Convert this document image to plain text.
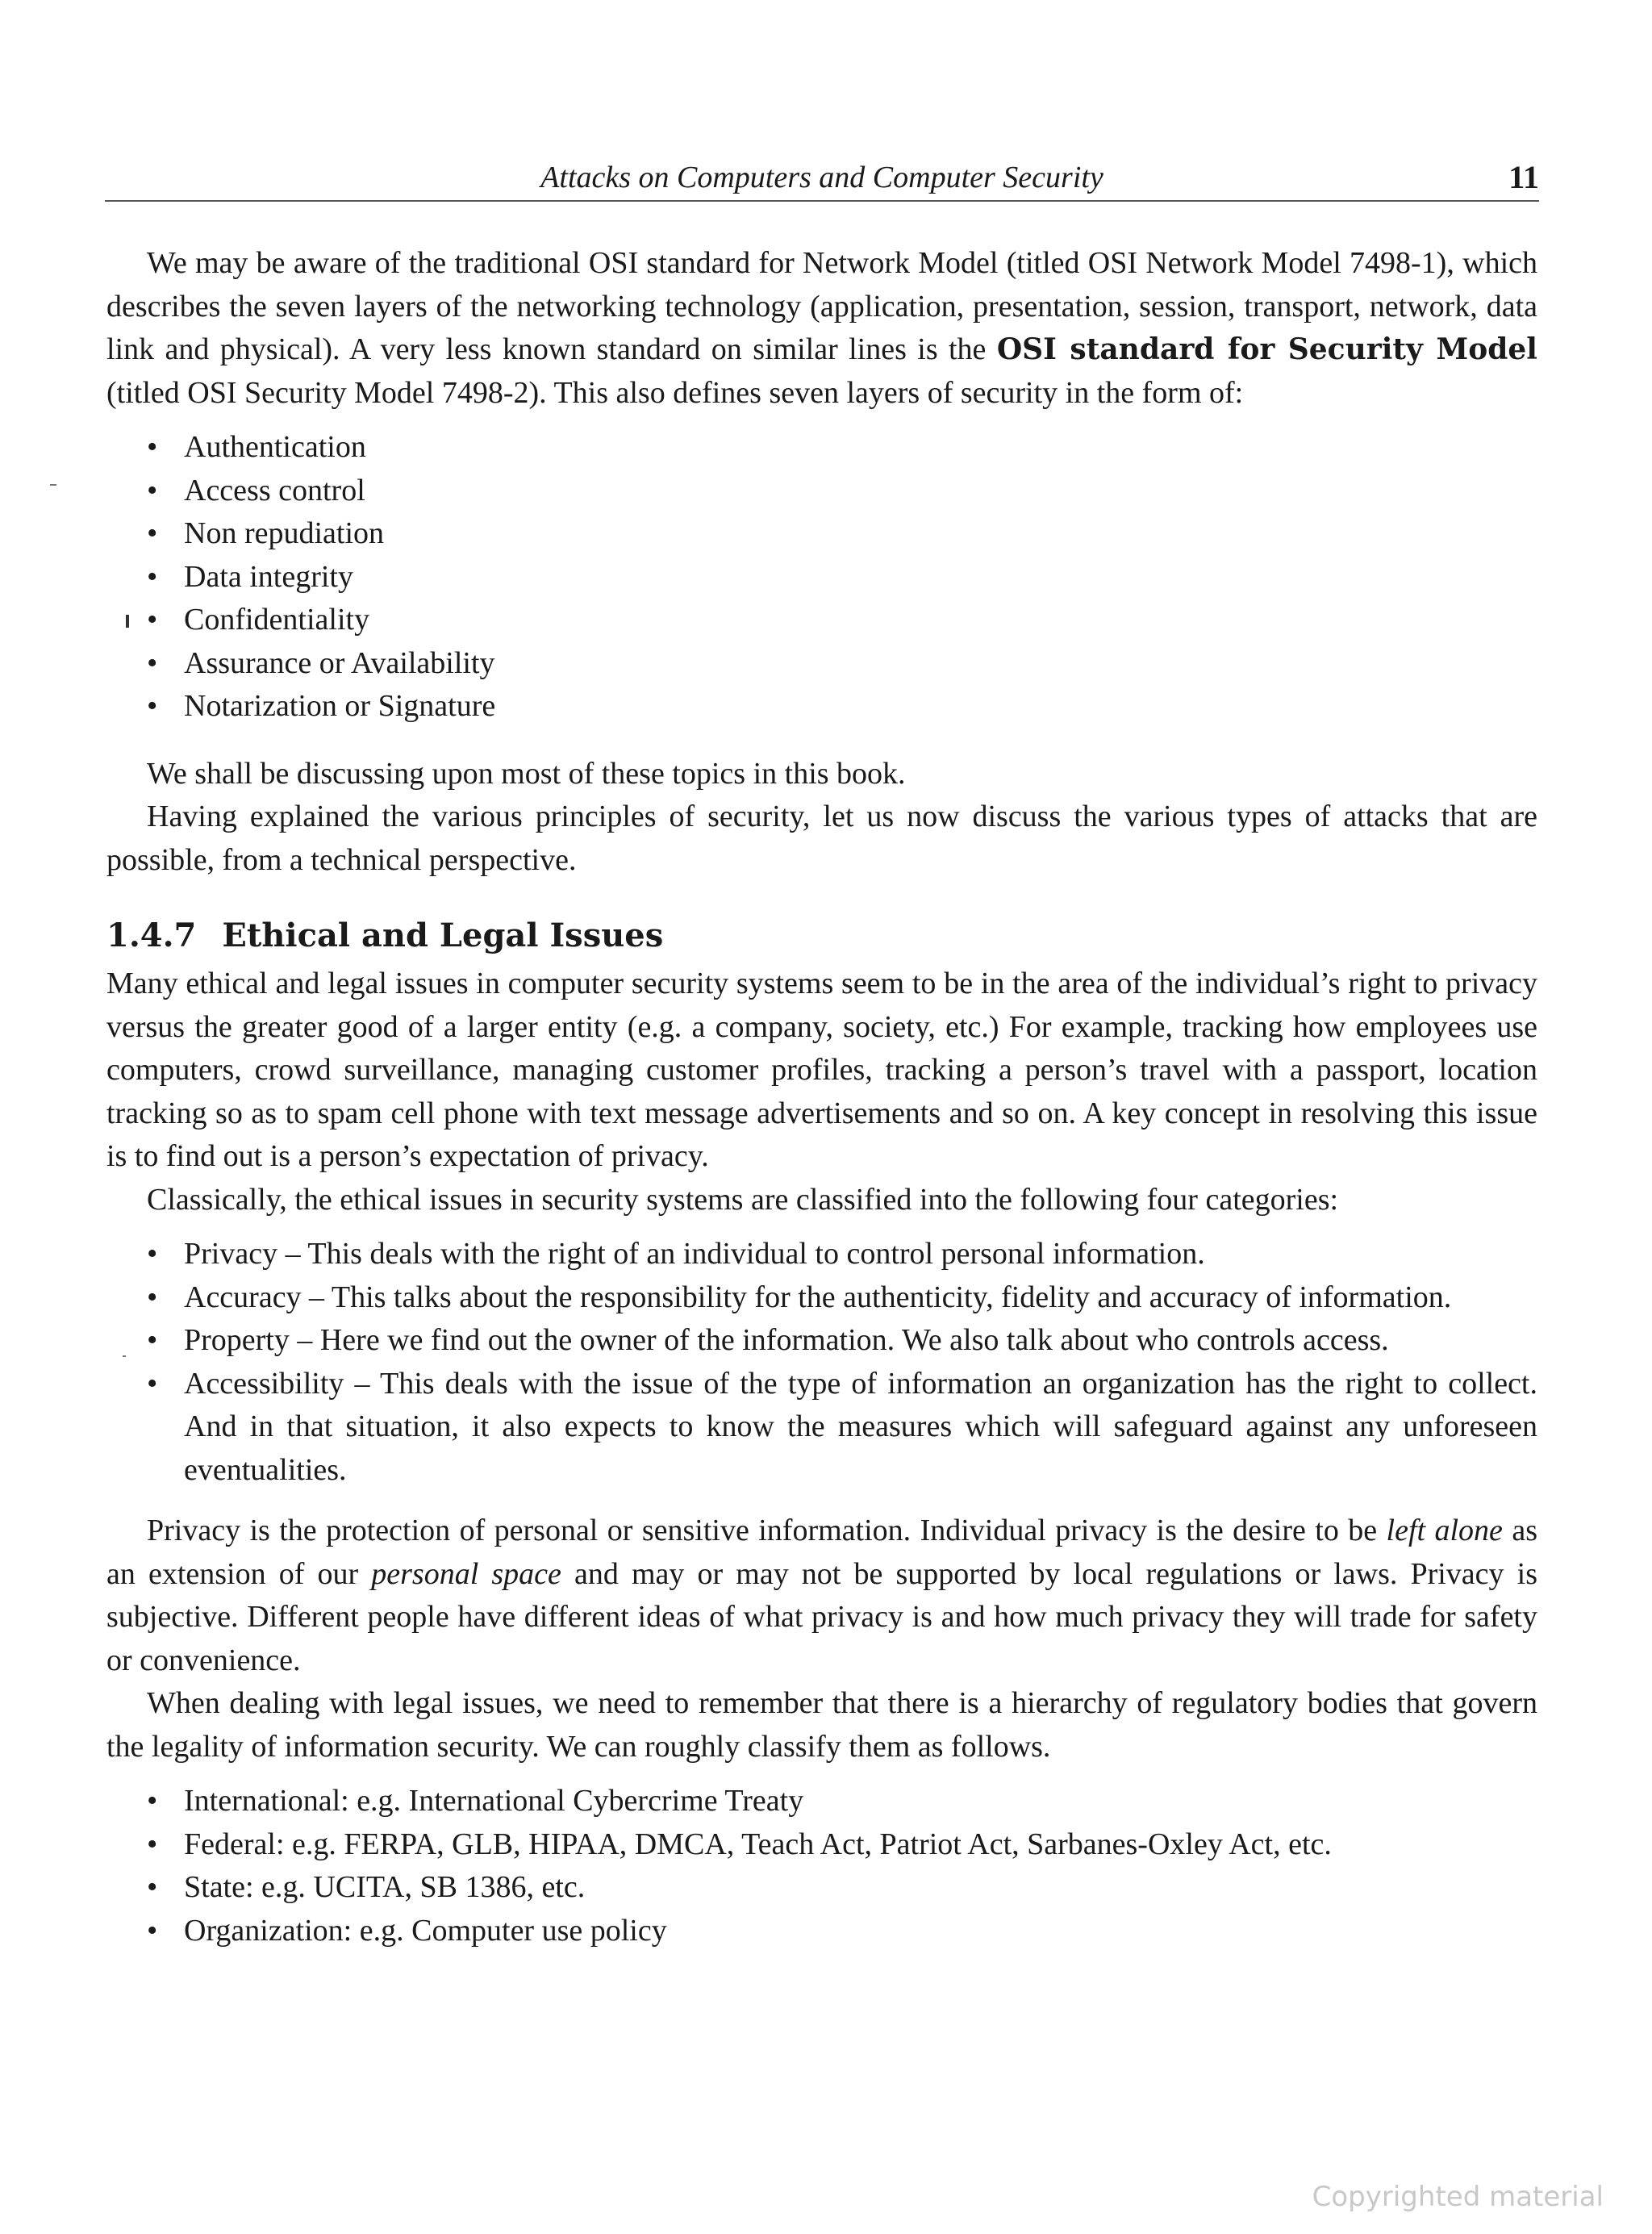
Attacks on Computers and Computer Security	11

We may be aware of the traditional OSI standard for Network Model (titled OSI Network Model 7498-1), which describes the seven layers of the networking technology (application, presentation, session, transport, network, data link and physical). A very less known standard on similar lines is the OSI standard for Security Model (titled OSI Security Model 7498-2). This also defines seven layers of security in the form of:

• Authentication
• Access control
• Non repudiation
• Data integrity
• Confidentiality
• Assurance or Availability
• Notarization or Signature

We shall be discussing upon most of these topics in this book.

Having explained the various principles of security, let us now discuss the various types of attacks that are possible, from a technical perspective.

1.4.7 Ethical and Legal Issues

Many ethical and legal issues in computer security systems seem to be in the area of the individual’s right to privacy versus the greater good of a larger entity (e.g. a company, society, etc.) For example, tracking how employees use computers, crowd surveillance, managing customer profiles, tracking a person’s travel with a passport, location tracking so as to spam cell phone with text message advertisements and so on. A key concept in resolving this issue is to find out is a person’s expectation of privacy.

Classically, the ethical issues in security systems are classified into the following four categories:

• Privacy – This deals with the right of an individual to control personal information.
• Accuracy – This talks about the responsibility for the authenticity, fidelity and accuracy of information.
• Property – Here we find out the owner of the information. We also talk about who controls access.
• Accessibility – This deals with the issue of the type of information an organization has the right to collect. And in that situation, it also expects to know the measures which will safeguard against any unforeseen eventualities.

Privacy is the protection of personal or sensitive information. Individual privacy is the desire to be left alone as an extension of our personal space and may or may not be supported by local regulations or laws. Privacy is subjective. Different people have different ideas of what privacy is and how much privacy they will trade for safety or convenience.

When dealing with legal issues, we need to remember that there is a hierarchy of regulatory bodies that govern the legality of information security. We can roughly classify them as follows.

• International: e.g. International Cybercrime Treaty
• Federal: e.g. FERPA, GLB, HIPAA, DMCA, Teach Act, Patriot Act, Sarbanes-Oxley Act, etc.
• State: e.g. UCITA, SB 1386, etc.
• Organization: e.g. Computer use policy
Copyrighted material
